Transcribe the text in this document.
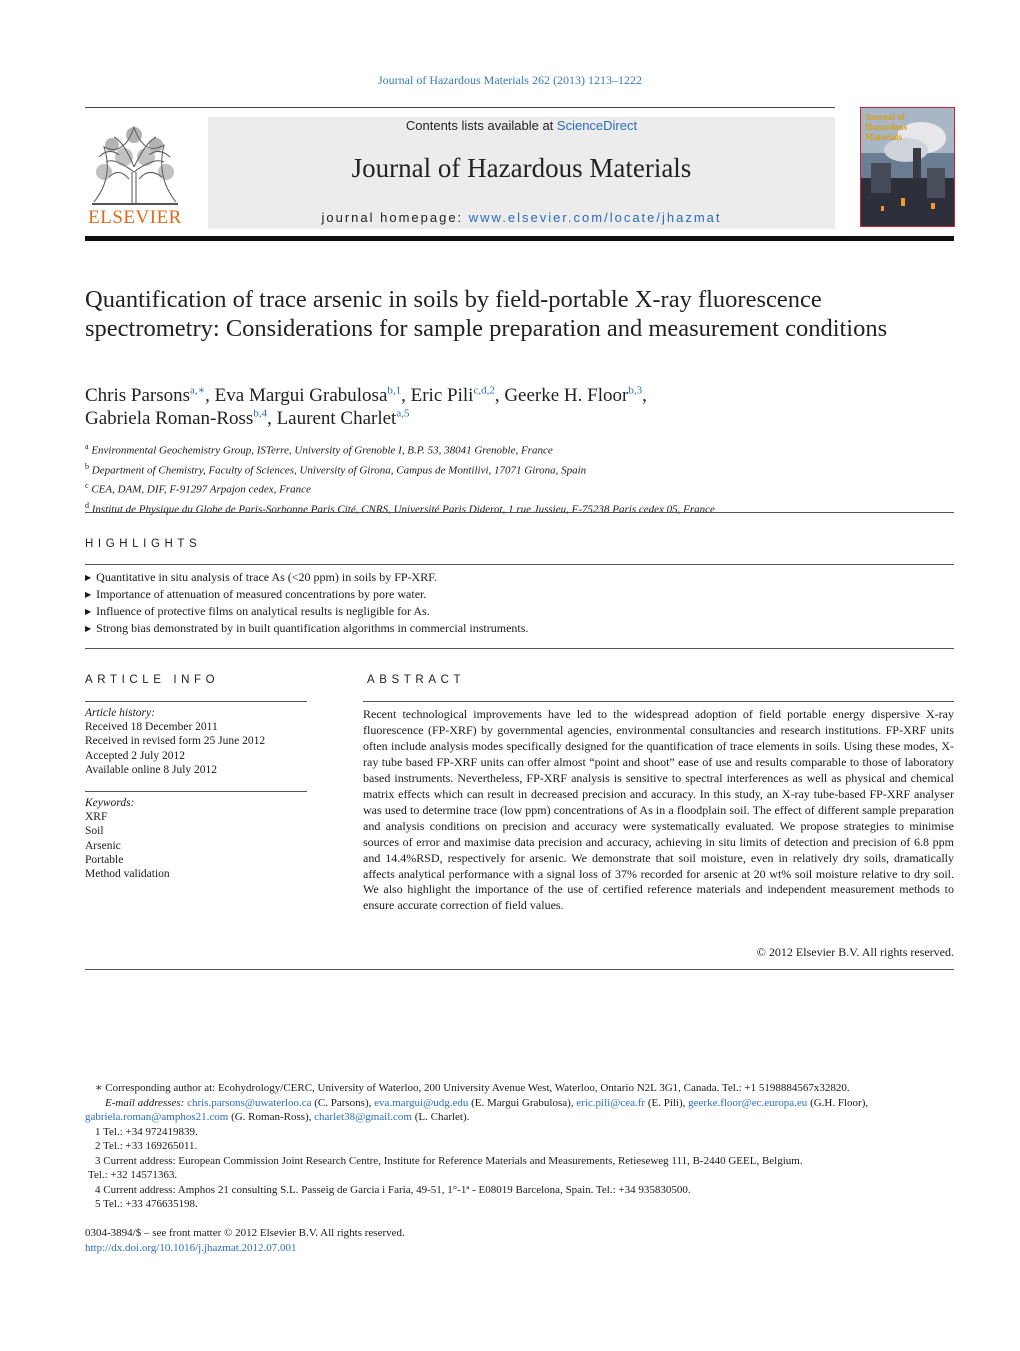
Journal of Hazardous Materials 262 (2013) 1213–1222
ELSEVIER
Contents lists available at ScienceDirect
Journal of Hazardous Materials
journal homepage: www.elsevier.com/locate/jhazmat
Journal of
Hazardous
Materials
Quantification of trace arsenic in soils by field-portable X-ray fluorescence spectrometry: Considerations for sample preparation and measurement conditions
Chris Parsons$^{a,∗}$, Eva Margui Grabulosa$^{b,1}$, Eric Pili$^{c,d,2}$, Geerke H. Floor$^{b,3}$,
Gabriela Roman-Ross$^{b,4}$, Laurent Charlet$^{a,5}$
$^a$ Environmental Geochemistry Group, ISTerre, University of Grenoble I, B.P. 53, 38041 Grenoble, France
$^b$ Department of Chemistry, Faculty of Sciences, University of Girona, Campus de Montilivi, 17071 Girona, Spain
$^c$ CEA, DAM, DIF, F-91297 Arpajon cedex, France
$^d$ Institut de Physique du Globe de Paris-Sorbonne Paris Cité, CNRS, Université Paris Diderot, 1 rue Jussieu, F-75238 Paris cedex 05, France
HIGHLIGHTS
▶ Quantitative in situ analysis of trace As (<20 ppm) in soils by FP-XRF.
▶ Importance of attenuation of measured concentrations by pore water.
▶ Influence of protective films on analytical results is negligible for As.
▶ Strong bias demonstrated by in built quantification algorithms in commercial instruments.
ARTICLE INFO
Article history:
Received 18 December 2011
Received in revised form 25 June 2012
Accepted 2 July 2012
Available online 8 July 2012
Keywords:
XRF
Soil
Arsenic
Portable
Method validation
ABSTRACT
Recent technological improvements have led to the widespread adoption of field portable energy dispersive X-ray fluorescence (FP-XRF) by governmental agencies, environmental consultancies and research institutions. FP-XRF units often include analysis modes specifically designed for the quantification of trace elements in soils. Using these modes, X-ray tube based FP-XRF units can offer almost “point and shoot” ease of use and results comparable to those of laboratory based instruments. Nevertheless, FP-XRF analysis is sensitive to spectral interferences as well as physical and chemical matrix effects which can result in decreased precision and accuracy. In this study, an X-ray tube-based FP-XRF analyser was used to determine trace (low ppm) concentrations of As in a floodplain soil. The effect of different sample preparation and analysis conditions on precision and accuracy were systematically evaluated. We propose strategies to minimise sources of error and maximise data precision and accuracy, achieving in situ limits of detection and precision of 6.8 ppm and 14.4%RSD, respectively for arsenic. We demonstrate that soil moisture, even in relatively dry soils, dramatically affects analytical performance with a signal loss of 37% recorded for arsenic at 20 wt% soil moisture relative to dry soil. We also highlight the importance of the use of certified reference materials and independent measurement methods to ensure accurate correction of field values.
© 2012 Elsevier B.V. All rights reserved.
∗ Corresponding author at: Ecohydrology/CERC, University of Waterloo, 200 University Avenue West, Waterloo, Ontario N2L 3G1, Canada. Tel.: +1 5198884567x32820.
E-mail addresses: chris.parsons@uwaterloo.ca (C. Parsons), eva.margui@udg.edu (E. Margui Grabulosa), eric.pili@cea.fr (E. Pili), geerke.floor@ec.europa.eu (G.H. Floor),
gabriela.roman@amphos21.com (G. Roman-Ross), charlet38@gmail.com (L. Charlet).
1 Tel.: +34 972419839.
2 Tel.: +33 169265011.
3 Current address: European Commission Joint Research Centre, Institute for Reference Materials and Measurements, Retieseweg 111, B-2440 GEEL, Belgium.
Tel.: +32 14571363.
4 Current address: Amphos 21 consulting S.L. Passeig de Garcia i Faria, 49-51, 1°-1ª - E08019 Barcelona, Spain. Tel.: +34 935830500.
5 Tel.: +33 476635198.
0304-3894/$ – see front matter © 2012 Elsevier B.V. All rights reserved.
http://dx.doi.org/10.1016/j.jhazmat.2012.07.001
